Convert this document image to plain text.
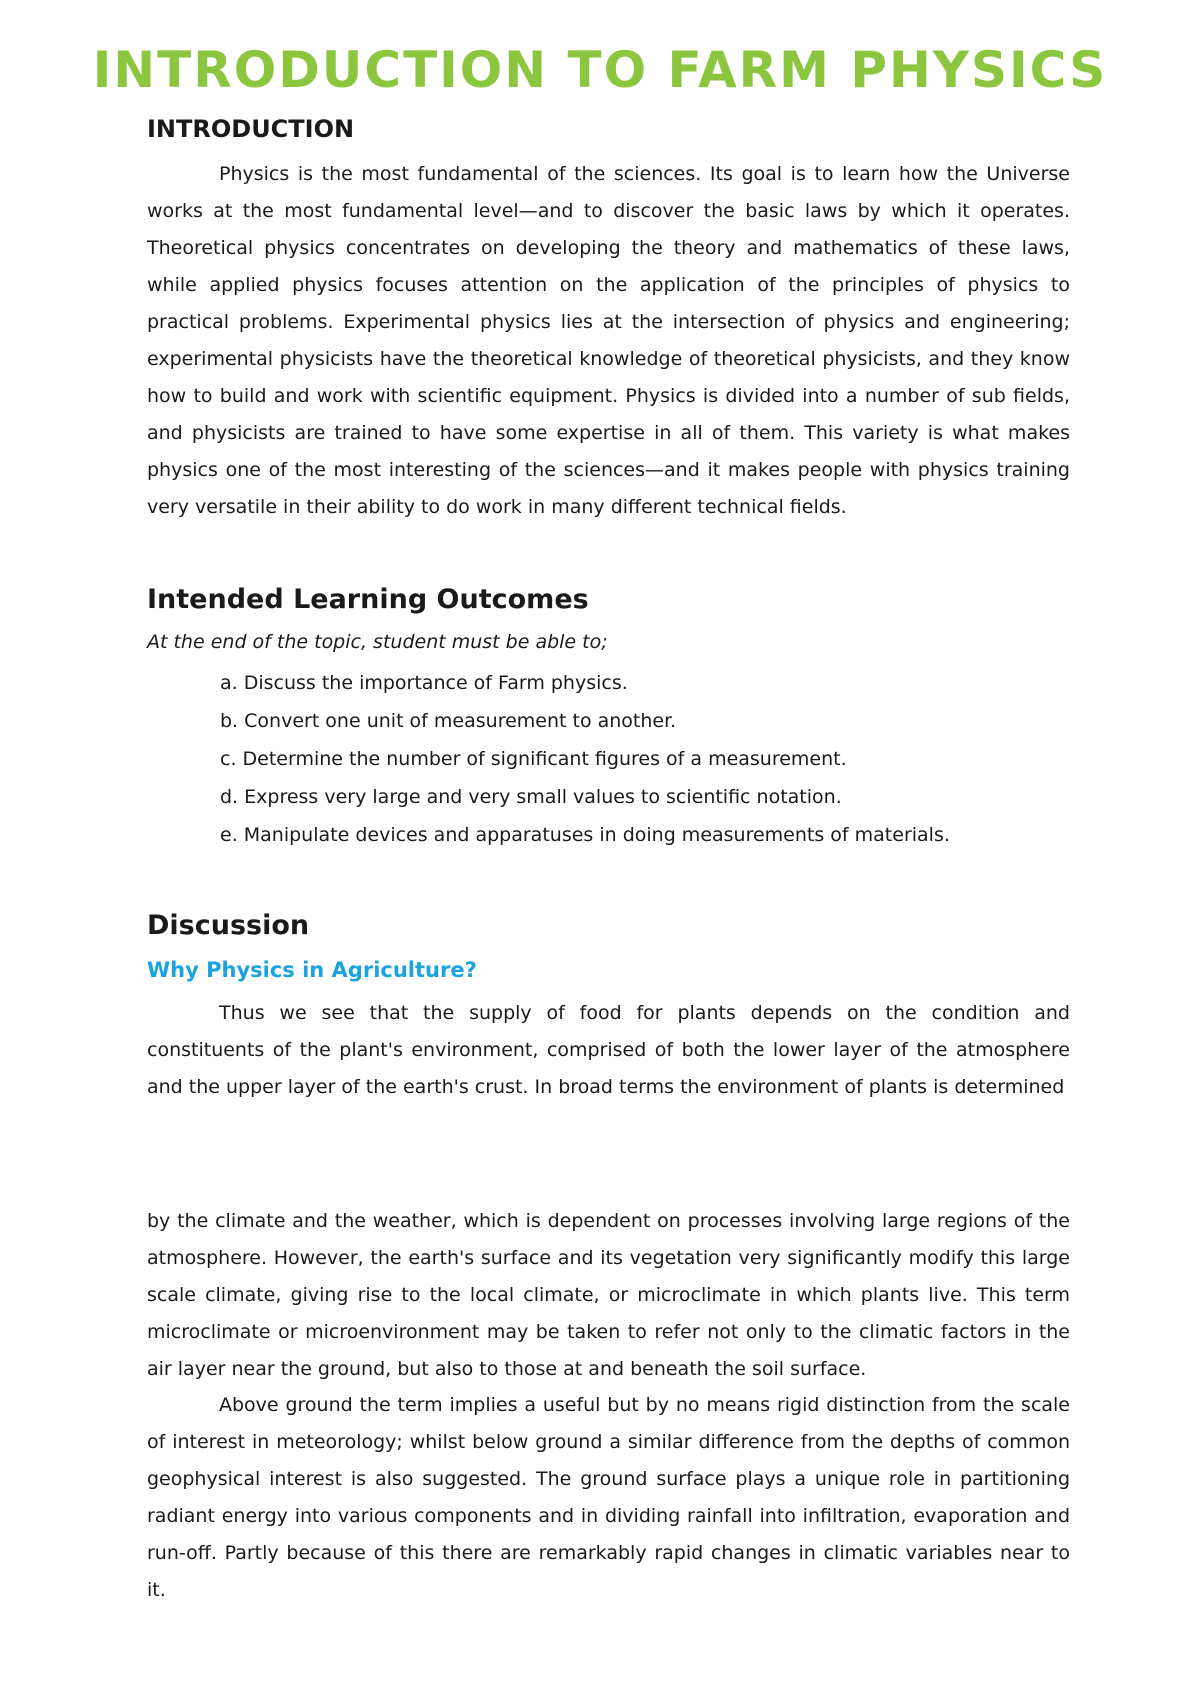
INTRODUCTION TO FARM PHYSICS
INTRODUCTION

Physics is the most fundamental of the sciences. Its goal is to learn how the Universe works at the most fundamental level—and to discover the basic laws by which it operates. Theoretical physics concentrates on developing the theory and mathematics of these laws, while applied physics focuses attention on the application of the principles of physics to practical problems. Experimental physics lies at the intersection of physics and engineering; experimental physicists have the theoretical knowledge of theoretical physicists, and they know how to build and work with scientific equipment. Physics is divided into a number of sub fields, and physicists are trained to have some expertise in all of them. This variety is what makes physics one of the most interesting of the sciences—and it makes people with physics training very versatile in their ability to do work in many different technical fields.

Intended Learning Outcomes
At the end of the topic, student must be able to;
a. Discuss the importance of Farm physics.
b. Convert one unit of measurement to another.
c. Determine the number of significant figures of a measurement.
d. Express very large and very small values to scientific notation.
e. Manipulate devices and apparatuses in doing measurements of materials.
Discussion
Why Physics in Agriculture?

Thus we see that the supply of food for plants depends on the condition and constituents of the plant's environment, comprised of both the lower layer of the atmosphere and the upper layer of the earth's crust. In broad terms the environment of plants is determined

by the climate and the weather, which is dependent on processes involving large regions of the atmosphere. However, the earth's surface and its vegetation very significantly modify this large scale climate, giving rise to the local climate, or microclimate in which plants live. This term microclimate or microenvironment may be taken to refer not only to the climatic factors in the air layer near the ground, but also to those at and beneath the soil surface.

Above ground the term implies a useful but by no means rigid distinction from the scale of interest in meteorology; whilst below ground a similar difference from the depths of common geophysical interest is also suggested. The ground surface plays a unique role in partitioning radiant energy into various components and in dividing rainfall into infiltration, evaporation and run-off. Partly because of this there are remarkably rapid changes in climatic variables near to it.
